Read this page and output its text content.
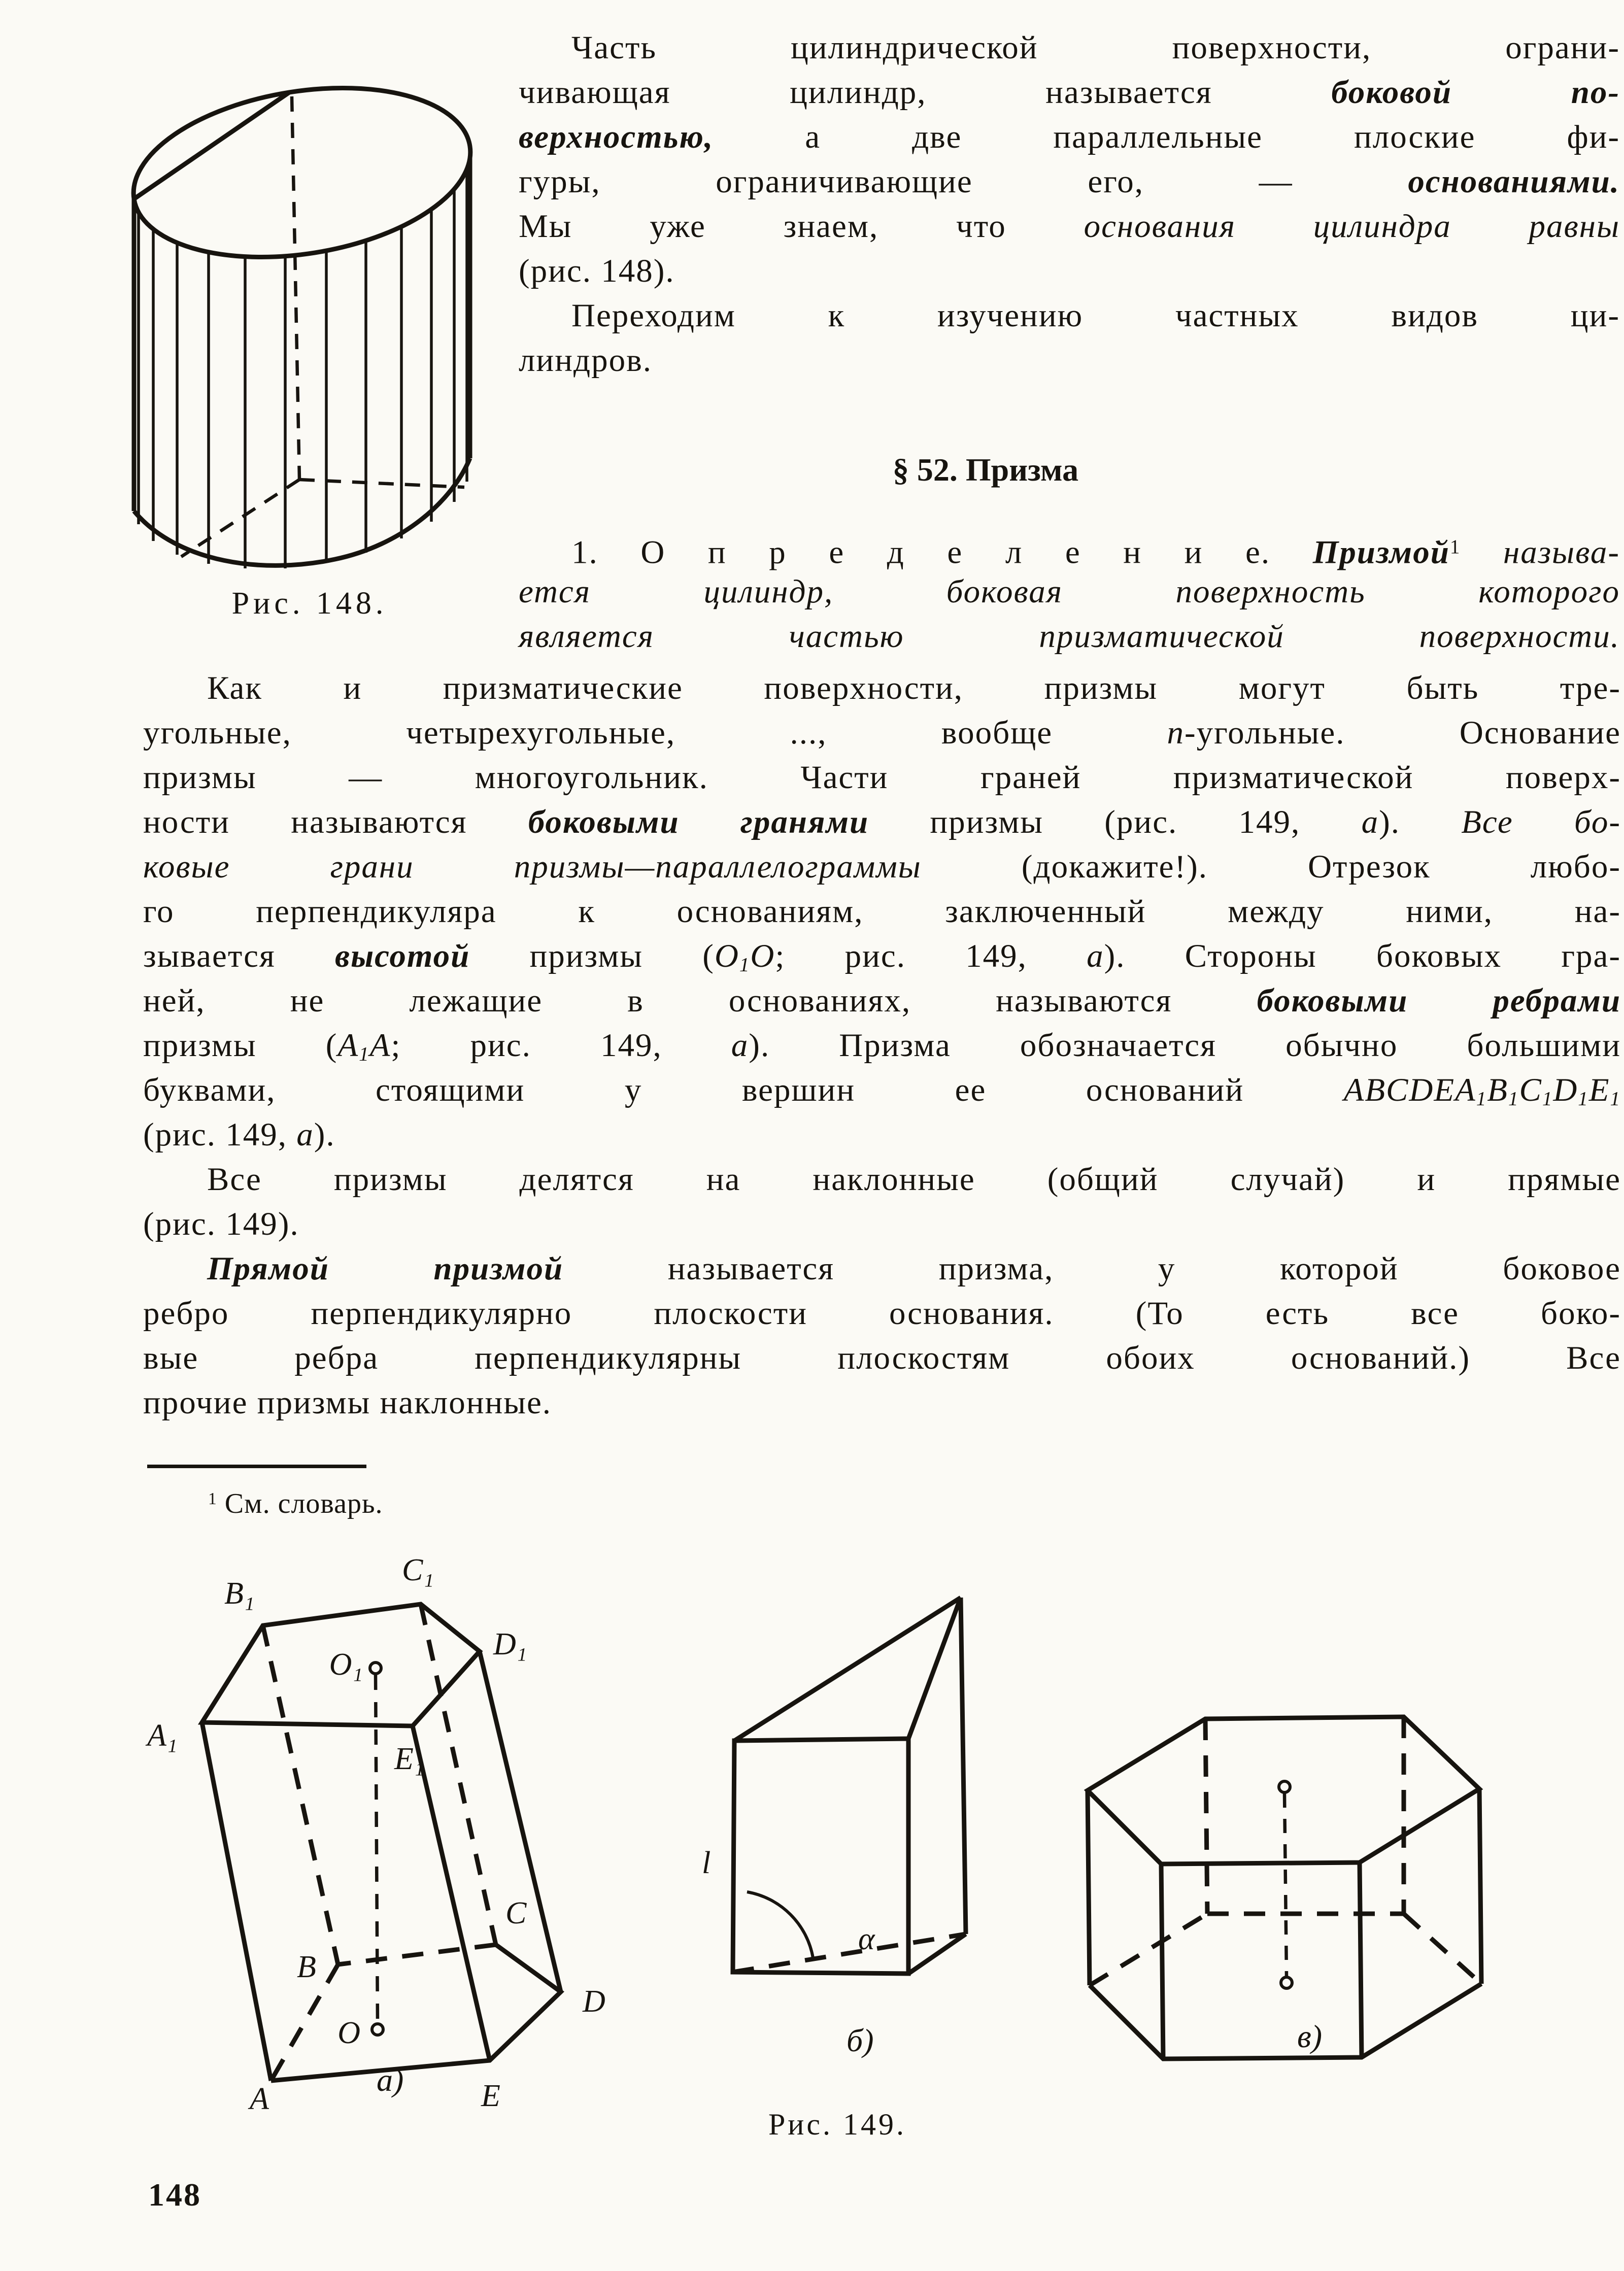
Рис. 148.
Часть цилиндрической поверхности, ограни-
чивающая цилиндр, называется боковой по-
верхностью, а две параллельные плоские фи-
гуры, ограничивающие его, — основаниями.
Мы уже знаем, что основания цилиндра равны
(рис. 148).
Переходим к изучению частных видов ци-
линдров.
§ 52. Призма
1. О п р е д е л е н и е. Призмой$^1$ называ-
ется цилиндр, боковая поверхность которого
является частью призматической поверхности.
Как и призматические поверхности, призмы могут быть тре-
угольные, четырехугольные, ..., вообще n-угольные. Основание
призмы — многоугольник. Части граней призматической поверх-
ности называются боковыми гранями призмы (рис. 149, а). Все бо-
ковые грани призмы—параллелограммы (докажите!). Отрезок любо-
го перпендикуляра к основаниям, заключенный между ними, на-
зывается высотой призмы (O1O; рис. 149, а). Стороны боковых гра-
ней, не лежащие в основаниях, называются боковыми ребрами
призмы (A1A; рис. 149, а). Призма обозначается обычно большими
буквами, стоящими у вершин ее оснований ABCDEA1B1C1D1E1
(рис. 149, а).
Все призмы делятся на наклонные (общий случай) и прямые
(рис. 149).
Прямой призмой называется призма, у которой боковое
ребро перпендикулярно плоскости основания. (То есть все боко-
вые ребра перпендикулярны плоскостям обоих оснований.) Все
прочие призмы наклонные.
$^1$ См. словарь.
A₁
B₁
C₁
D₁
E₁
O₁
B
C
D
O
A	E
l
α
а)
б)	в)
Рис. 149.
148
